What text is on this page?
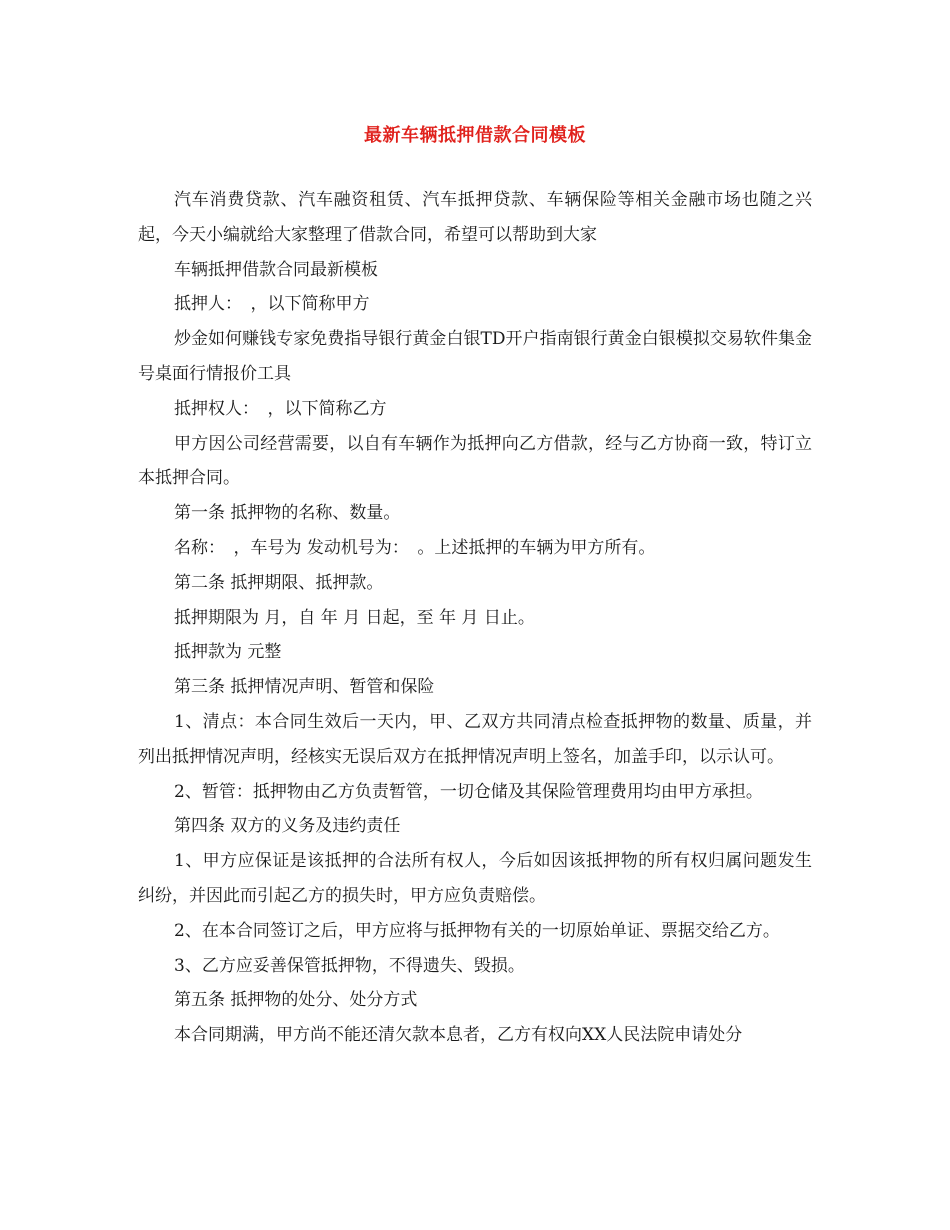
最新车辆抵押借款合同模板

汽车消费贷款、汽车融资租赁、汽车抵押贷款、车辆保险等相关金融市场也随之兴起，今天小编就给大家整理了借款合同，希望可以帮助到大家

车辆抵押借款合同最新模板

抵押人：　，以下简称甲方

炒金如何赚钱专家免费指导银行黄金白银TD开户指南银行黄金白银模拟交易软件集金号桌面行情报价工具

抵押权人：　，以下简称乙方

甲方因公司经营需要，以自有车辆作为抵押向乙方借款，经与乙方协商一致，特订立本抵押合同。

第一条 抵押物的名称、数量。

名称：　，车号为 发动机号为：　。上述抵押的车辆为甲方所有。

第二条 抵押期限、抵押款。

抵押期限为 月，自 年 月 日起，至 年 月 日止。

抵押款为 元整

第三条 抵押情况声明、暂管和保险

1、清点：本合同生效后一天内，甲、乙双方共同清点检查抵押物的数量、质量，并列出抵押情况声明，经核实无误后双方在抵押情况声明上签名，加盖手印，以示认可。

2、暂管：抵押物由乙方负责暂管，一切仓储及其保险管理费用均由甲方承担。

第四条 双方的义务及违约责任

1、甲方应保证是该抵押的合法所有权人，今后如因该抵押物的所有权归属问题发生纠纷，并因此而引起乙方的损失时，甲方应负责赔偿。

2、在本合同签订之后，甲方应将与抵押物有关的一切原始单证、票据交给乙方。

3、乙方应妥善保管抵押物，不得遗失、毁损。

第五条 抵押物的处分、处分方式

本合同期满，甲方尚不能还清欠款本息者，乙方有权向XX人民法院申请处分
